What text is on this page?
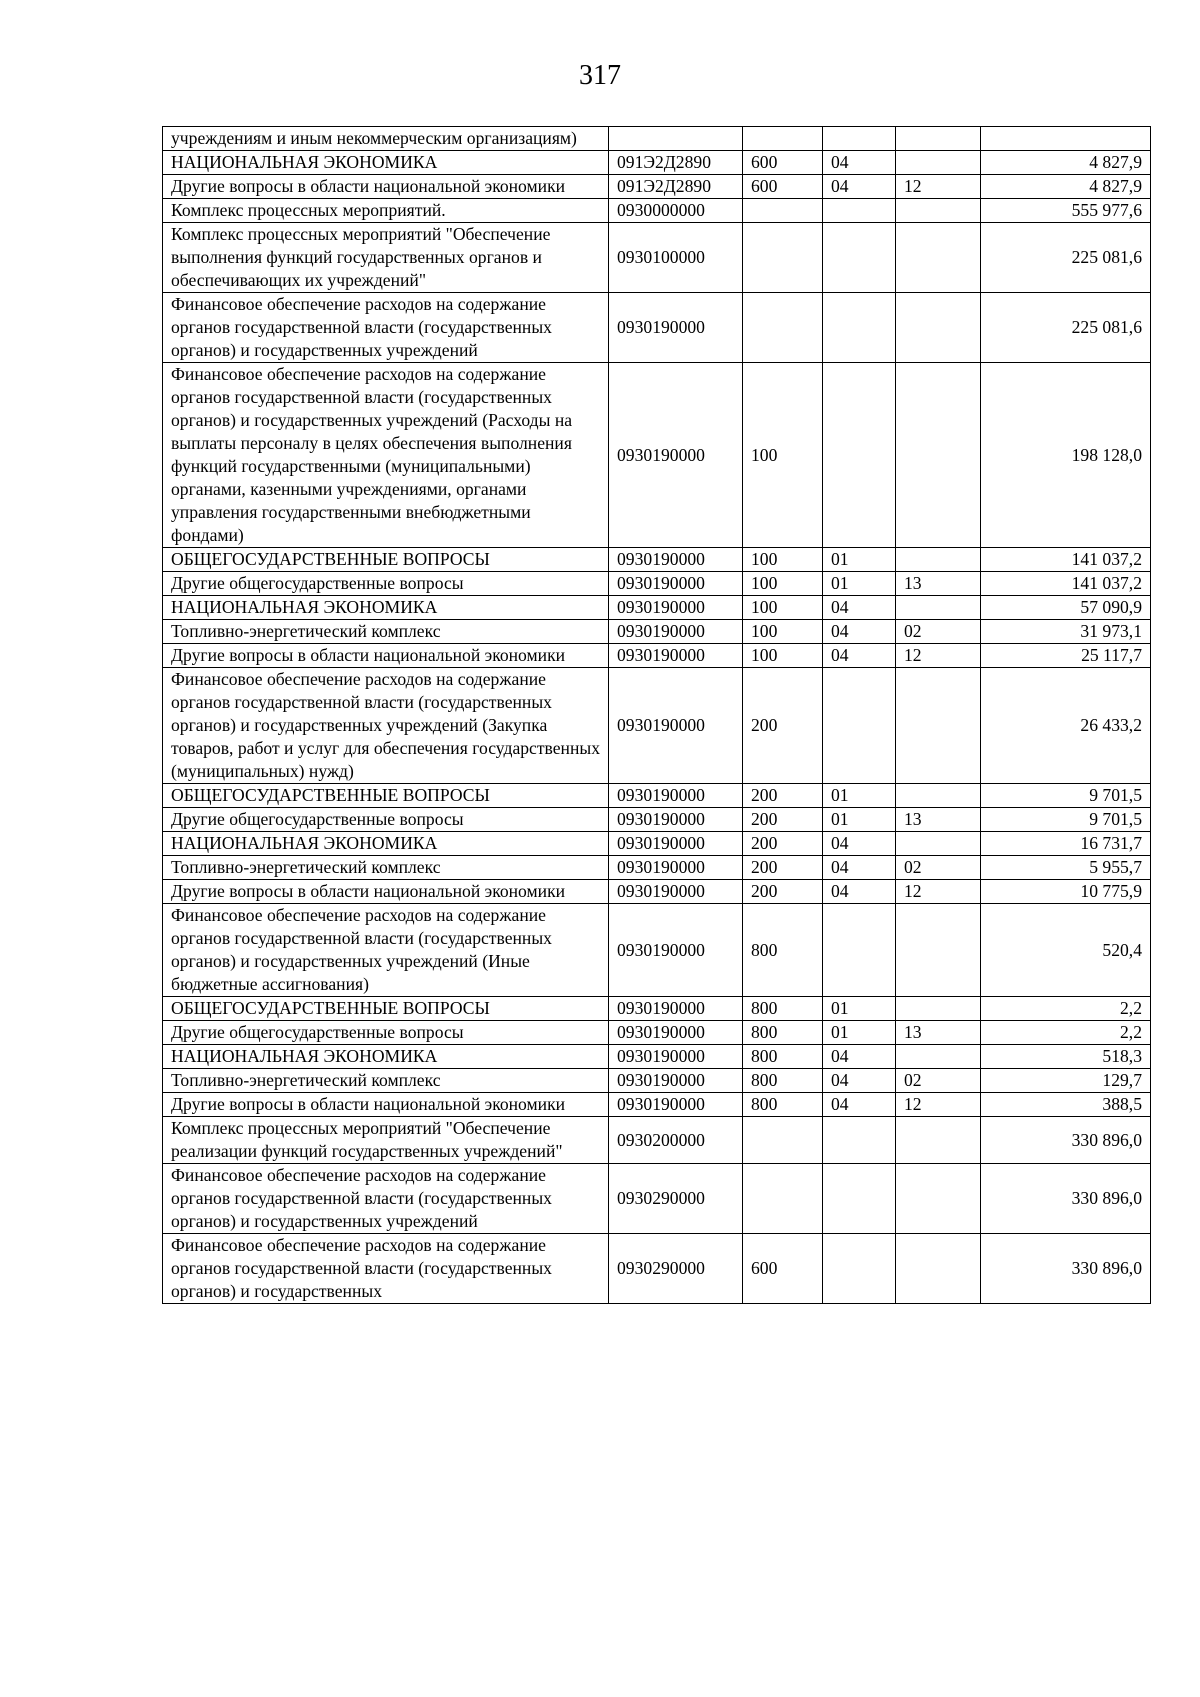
317
учреждениям и иным некоммерческим организациям)					
НАЦИОНАЛЬНАЯ ЭКОНОМИКА	091Э2Д2890	600	04		4 827,9
Другие вопросы в области национальной экономики	091Э2Д2890	600	04	12	4 827,9
Комплекс процессных мероприятий.	0930000000				555 977,6
Комплекс процессных мероприятий "Обеспечение выполнения функций государственных органов и обеспечивающих их учреждений"	0930100000				225 081,6
Финансовое обеспечение расходов на содержание органов государственной власти (государственных органов) и государственных учреждений	0930190000				225 081,6
Финансовое обеспечение расходов на содержание органов государственной власти (государственных органов) и государственных учреждений (Расходы на выплаты персоналу в целях обеспечения выполнения функций государственными (муниципальными) органами, казенными учреждениями, органами управления государственными внебюджетными фондами)	0930190000	100			198 128,0
ОБЩЕГОСУДАРСТВЕННЫЕ ВОПРОСЫ	0930190000	100	01		141 037,2
Другие общегосударственные вопросы	0930190000	100	01	13	141 037,2
НАЦИОНАЛЬНАЯ ЭКОНОМИКА	0930190000	100	04		57 090,9
Топливно-энергетический комплекс	0930190000	100	04	02	31 973,1
Другие вопросы в области национальной экономики	0930190000	100	04	12	25 117,7
Финансовое обеспечение расходов на содержание органов государственной власти (государственных органов) и государственных учреждений (Закупка товаров, работ и услуг для обеспечения государственных (муниципальных) нужд)	0930190000	200			26 433,2
ОБЩЕГОСУДАРСТВЕННЫЕ ВОПРОСЫ	0930190000	200	01		9 701,5
Другие общегосударственные вопросы	0930190000	200	01	13	9 701,5
НАЦИОНАЛЬНАЯ ЭКОНОМИКА	0930190000	200	04		16 731,7
Топливно-энергетический комплекс	0930190000	200	04	02	5 955,7
Другие вопросы в области национальной экономики	0930190000	200	04	12	10 775,9
Финансовое обеспечение расходов на содержание органов государственной власти (государственных органов) и государственных учреждений (Иные бюджетные ассигнования)	0930190000	800			520,4
ОБЩЕГОСУДАРСТВЕННЫЕ ВОПРОСЫ	0930190000	800	01		2,2
Другие общегосударственные вопросы	0930190000	800	01	13	2,2
НАЦИОНАЛЬНАЯ ЭКОНОМИКА	0930190000	800	04		518,3
Топливно-энергетический комплекс	0930190000	800	04	02	129,7
Другие вопросы в области национальной экономики	0930190000	800	04	12	388,5
Комплекс процессных мероприятий "Обеспечение реализации функций государственных учреждений"	0930200000				330 896,0
Финансовое обеспечение расходов на содержание органов государственной власти (государственных органов) и государственных учреждений	0930290000				330 896,0
Финансовое обеспечение расходов на содержание органов государственной власти (государственных органов) и государственных	0930290000	600			330 896,0
